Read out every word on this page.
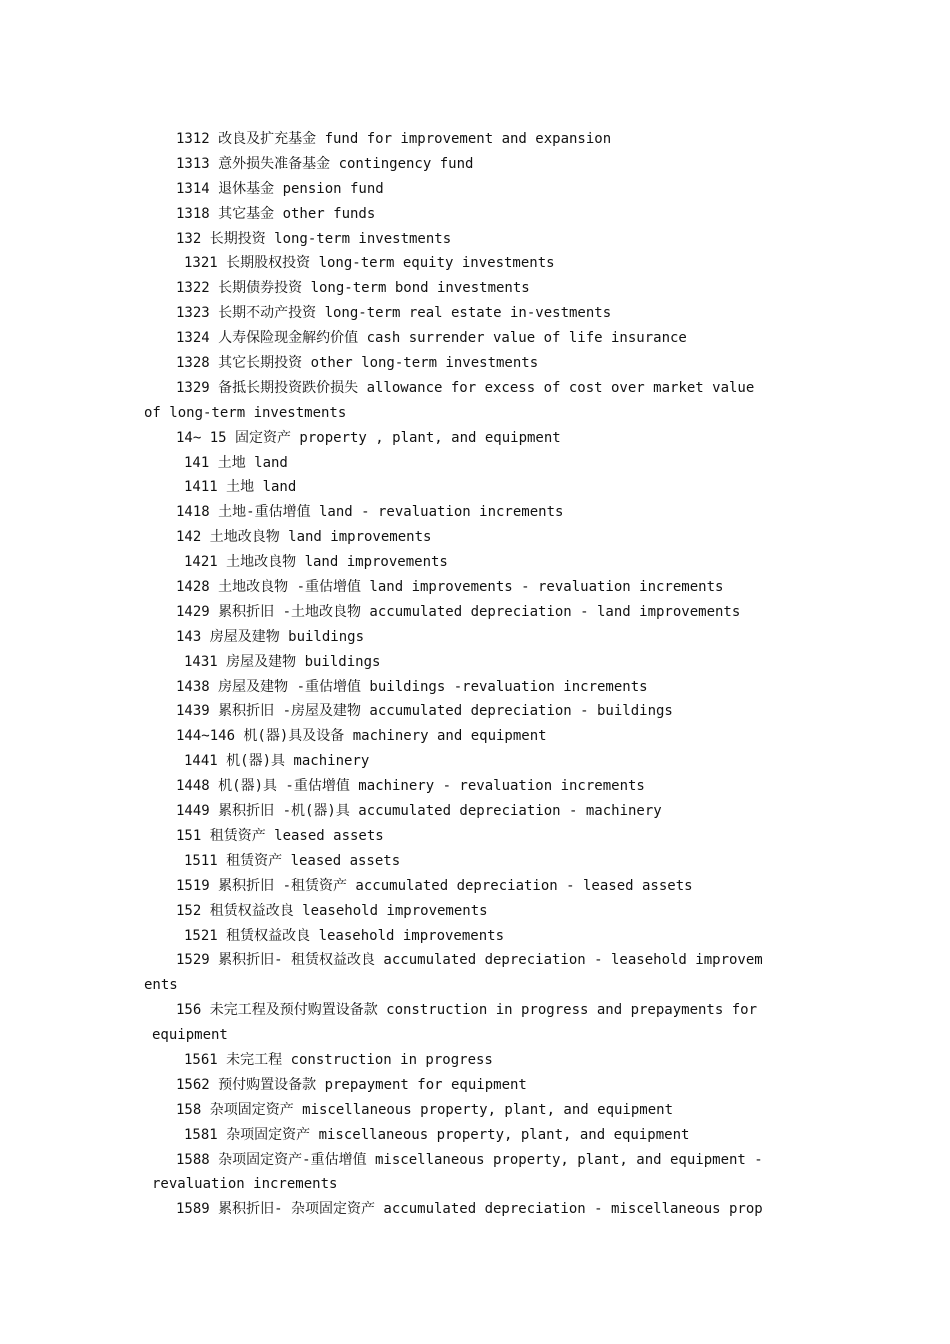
1312 改良及扩充基金 fund for improvement and expansion
1313 意外损失准备基金 contingency fund
1314 退休基金 pension fund
1318 其它基金 other funds
132 长期投资 long-term investments
1321 长期股权投资 long-term equity investments
1322 长期债券投资 long-term bond investments
1323 长期不动产投资 long-term real estate in-vestments
1324 人寿保险现金解约价值 cash surrender value of life insurance
1328 其它长期投资 other long-term investments
1329 备抵长期投资跌价损失 allowance for excess of cost over market value
of long-term investments
14~ 15 固定资产 property , plant, and equipment
141 土地 land
1411 土地 land
1418 土地-重估增值 land - revaluation increments
142 土地改良物 land improvements
1421 土地改良物 land improvements
1428 土地改良物 -重估增值 land improvements - revaluation increments
1429 累积折旧 -土地改良物 accumulated depreciation - land improvements
143 房屋及建物 buildings
1431 房屋及建物 buildings
1438 房屋及建物 -重估增值 buildings -revaluation increments
1439 累积折旧 -房屋及建物 accumulated depreciation - buildings
144~146 机(器)具及设备 machinery and equipment
1441 机(器)具 machinery
1448 机(器)具 -重估增值 machinery - revaluation increments
1449 累积折旧 -机(器)具 accumulated depreciation - machinery
151 租赁资产 leased assets
1511 租赁资产 leased assets
1519 累积折旧 -租赁资产 accumulated depreciation - leased assets
152 租赁权益改良 leasehold improvements
1521 租赁权益改良 leasehold improvements
1529 累积折旧- 租赁权益改良 accumulated depreciation - leasehold improvem
ents
156 未完工程及预付购置设备款 construction in progress and prepayments for
equipment
1561 未完工程 construction in progress
1562 预付购置设备款 prepayment for equipment
158 杂项固定资产 miscellaneous property, plant, and equipment
1581 杂项固定资产 miscellaneous property, plant, and equipment
1588 杂项固定资产-重估增值 miscellaneous property, plant, and equipment -
revaluation increments
1589 累积折旧- 杂项固定资产 accumulated depreciation - miscellaneous prop
